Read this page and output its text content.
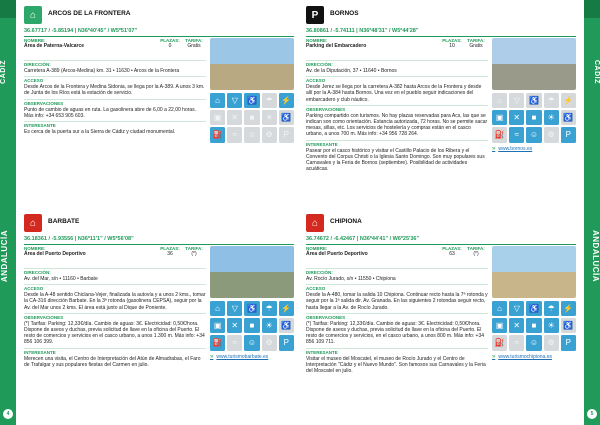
CÁDIZ
ANDALUCÍA
4
CÁDIZ
ANDALUCÍA
5
⌂	ARCOS DE LA FRONTERA
36.67717 / -5.85194 | N36º40'45" / W5º51'07"
NOMBRE:
Área de Paterna-Valcarce
PLAZAS:
0
TARIFA:
Gratis
DIRECCIÓN:
Carretera A-389 (Arcos-Medina) km. 31 • 11630 • Arcos de la Frontera
ACCESO
Desde Arcos de la Frontera y Medina Sidonia, se llega por la A-389. A unos 3 km. de Junta de los Ríos está la estación de servicio.
OBSERVACIONES
Punto de cambio de aguas en ruta. La gasolinera abre de 6,00 a 22,00 horas. Más info: +34 653 905 603.
INTERESANTE
Es cerca de la puerta sur a la Sierra de Cádiz y ciudad monumental.
⌂	▽	♿	☂	⚡
▣	✕	■	☀	♿
⛽	≈	☺	⚙	P
P	BORNOS
36.80861 / -5.74111 | N36º48'31" / W5º44'28"
NOMBRE:
Parking del Embarcadero
PLAZAS:
10
TARIFA:
Gratis
DIRECCIÓN:
Av. de la Diputación, 37 • 11640 • Bornos
ACCESO
Desde Jerez se llega por la carretera A-382 hasta Arcos de la Frontera y desde allí por la A-384 hasta Bornos. Una vez en el pueblo seguir indicaciones del embarcadero y club náutico.
OBSERVACIONES
Parking compartido con turismos. No hay plazas reservadas para Acs, las que se indican son como orientación. Estancia autorizada, 72 horas. No se permite sacar mesas, sillas, etc. Los servicios de hostelería y compras están en el casco urbano, a unos 700 m. Más info: +34 956 728 264.
INTERESANTE
Pasear por el casco histórico y visitar el Castillo Palacio de los Ribera y el Convento del Corpus Christi o la Iglesia Santo Domingo. Son muy populares sus Carnavales y la Feria de Bornos (septiembre). Posibilidad de actividades acuáticas.
⌂	▽	♿	☂	⚡
▣	✕	■	☀	♿
⛽	≈	☺	⚙	P
» www.bornos.es
⌂	BARBATE
36.18361 / -5.93556 | N36º11'1" / W5º56'08"
NOMBRE:
Área del Puerto Deportivo
PLAZAS:
36
TARIFA:
(*)
DIRECCIÓN:
Av. del Mar, s/n • 11160 • Barbate
ACCESO
Desde la A-48 sentido Chiclana-Vejer, finalizada la autovía y a unos 2 kms., tomar la CA-316 dirección Barbate. En la 3ª rotonda (gasolinera CEPSA), seguir por la Av. del Mar unos 2 kms. El área está junto al Dique de Poniente.
OBSERVACIONES
(*) Tarifas: Parking: 12,33€/día. Cambio de aguas: 3€. Electricidad: 0,50€/hora. Dispone de aseos y duchas, previa solicitud de llave en la oficina del Puerto. El resto de comercios y servicios en el casco urbano, a unos 1.300 m. Más info: +34 856 106 399.
INTERESANTE
Merecen una visita, el Centro de Interpretación del Atún de Almadrabas, el Faro de Trafalgar y sus populares fiestas del Carmen en julio.
⌂	▽	♿	☂	⚡
▣	✕	■	☀	♿
⛽	≈	☺	⚙	P
» www.turismobarbate.es
⌂	CHIPIONA
36.74672 / -6.42467 | N36º44'41" / W6º25'36"
NOMBRE:
Área del Puerto Deportivo
PLAZAS:
63
TARIFA:
(*)
DIRECCIÓN:
Av. Rocío Jurado, s/n • 11550 • Chipiona
ACCESO
Desde la A-480, tomar la salida 10 Chipiona. Continuar recto hasta la 7ª rotonda y seguir por la 1ª salida dir. Av. Granada. En las siguientes 2 rotondas seguir recto, hasta llegar a la Av. de Rocío Jurado.
OBSERVACIONES
(*) Tarifas: Parking: 12,33€/día. Cambio de aguas: 3€. Electricidad: 0,50€/hora. Dispone de aseos y duchas, previa solicitud de llave en la oficina del Puerto. El resto de comercios y servicios, en el casco urbano, a unos 800 m. Más info: +34 856 109 711.
INTERESANTE
Visitar el museo del Moscatel, el museo de Rocío Jurado y el Centro de Interpretación "Cádiz y el Nuevo Mundo". Son famosos sus Carnavales y la Feria del Moscatel en julio.
⌂	▽	♿	☂	⚡
▣	✕	■	☀	♿
⛽	≈	☺	⚙	P
» www.turismochipiona.es
